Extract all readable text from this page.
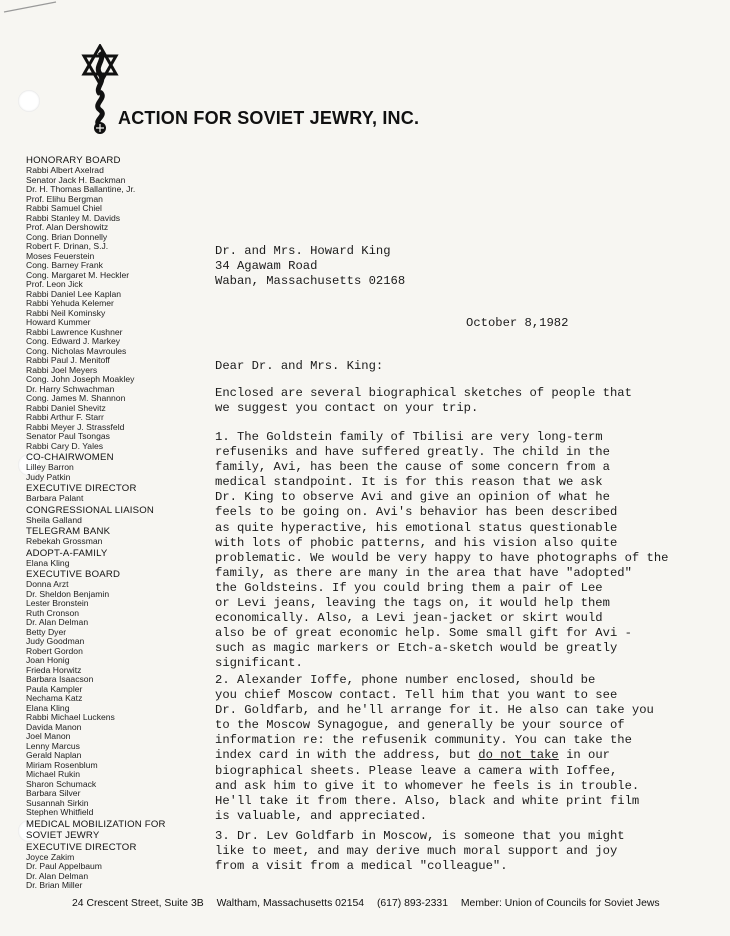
ACTION FOR SOVIET JEWRY, INC.
HONORARY BOARD
Rabbi Albert Axelrad
Senator Jack H. Backman
Dr. H. Thomas Ballantine, Jr.
Prof. Elihu Bergman
Rabbi Samuel Chiel
Rabbi Stanley M. Davids
Prof. Alan Dershowitz
Cong. Brian Donnelly
Robert F. Drinan, S.J.
Moses Feuerstein
Cong. Barney Frank
Cong. Margaret M. Heckler
Prof. Leon Jick
Rabbi Daniel Lee Kaplan
Rabbi Yehuda Kelemer
Rabbi Neil Kominsky
Howard Kummer
Rabbi Lawrence Kushner
Cong. Edward J. Markey
Cong. Nicholas Mavroules
Rabbi Paul J. Menitoff
Rabbi Joel Meyers
Cong. John Joseph Moakley
Dr. Harry Schwachman
Cong. James M. Shannon
Rabbi Daniel Shevitz
Rabbi Arthur F. Starr
Rabbi Meyer J. Strassfeld
Senator Paul Tsongas
Rabbi Cary D. Yales
CO-CHAIRWOMEN
Lilley Barron
Judy Patkin
EXECUTIVE DIRECTOR
Barbara Palant
CONGRESSIONAL LIAISON
Sheila Galland
TELEGRAM BANK
Rebekah Grossman
ADOPT-A-FAMILY
Elana Kling
EXECUTIVE BOARD
Donna Arzt
Dr. Sheldon Benjamin
Lester Bronstein
Ruth Cronson
Dr. Alan Delman
Betty Dyer
Judy Goodman
Robert Gordon
Joan Honig
Frieda Horwitz
Barbara Isaacson
Paula Kampler
Nechama Katz
Elana Kling
Rabbi Michael Luckens
Davida Manon
Joel Manon
Lenny Marcus
Gerald Naplan
Miriam Rosenblum
Michael Rukin
Sharon Schumack
Barbara Silver
Susannah Sirkin
Stephen Whitfield
MEDICAL MOBILIZATION FOR SOVIET JEWRY
EXECUTIVE DIRECTOR
Joyce Zakim
Dr. Paul Appelbaum
Dr. Alan Delman
Dr. Brian Miller
Dr. and Mrs. Howard King
34 Agawam Road
Waban, Massachusetts 02168
October 8,1982
Dear Dr. and Mrs. King:
Enclosed are several biographical sketches of people that
we suggest you contact on your trip.
1. The Goldstein family of Tbilisi are very long-term
refuseniks and have suffered greatly. The child in the
family, Avi, has been the cause of some concern from a
medical standpoint. It is for this reason that we ask
Dr. King to observe Avi and give an opinion of what he
feels to be going on. Avi's behavior has been described
as quite hyperactive, his emotional status questionable
with lots of phobic patterns, and his vision also quite
problematic. We would be very happy to have photographs of the
family, as there are many in the area that have "adopted"
the Goldsteins. If you could bring them a pair of Lee
or Levi jeans, leaving the tags on, it would help them
economically. Also, a Levi jean-jacket or skirt would
also be of great economic help. Some small gift for Avi -
such as magic markers or Etch-a-sketch would be greatly
significant.
2. Alexander Ioffe, phone number enclosed, should be
you chief Moscow contact. Tell him that you want to see
Dr. Goldfarb, and he'll arrange for it. He also can take you
to the Moscow Synagogue, and generally be your source of
information re: the refusenik community. You can take the
index card in with the address, but do not take in our
biographical sheets. Please leave a camera with Ioffee,
and ask him to give it to whomever he feels is in trouble.
He'll take it from there. Also, black and white print film
is valuable, and appreciated.
3. Dr. Lev Goldfarb in Moscow, is someone that you might
like to meet, and may derive much moral support and joy
from a visit from a medical "colleague".
24 Crescent Street, Suite 3B Waltham, Massachusetts 02154 (617) 893-2331 Member: Union of Councils for Soviet Jews
